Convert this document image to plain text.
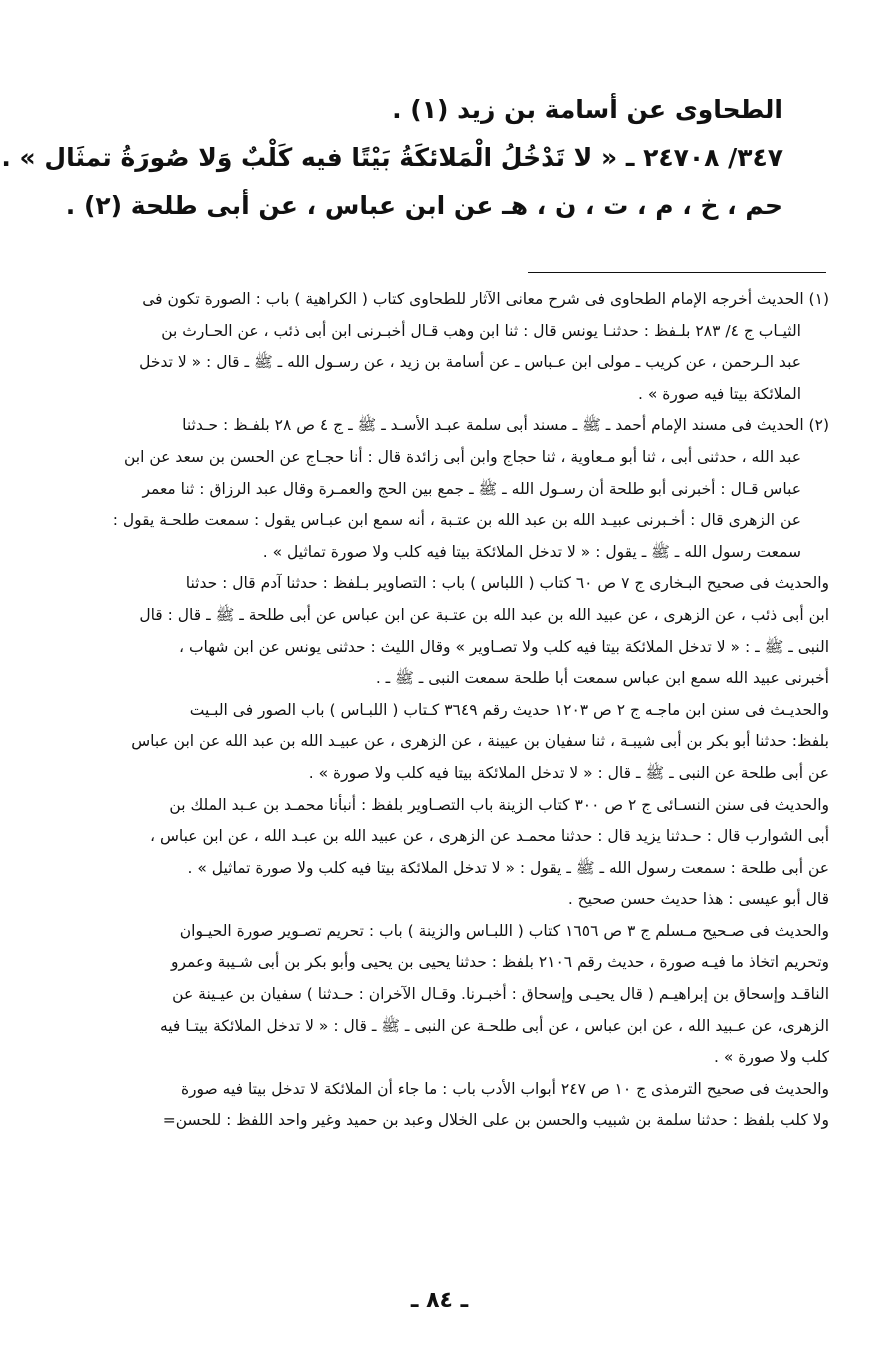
الطحاوى عن أسامة بن زيد (١) .
٣٤٧/ ٢٤٧٠٨ ـ « لا تَدْخُلُ الْمَلائكَةُ بَيْتًا فيه كَلْبٌ وَلا صُورَةُ تمثَال » .
حم ، خ ، م ، ت ، ن ، هـ عن ابن عباس ، عن أبى طلحة (٢) .
(١) الحديث أخرجه الإمام الطحاوى فى شرح معانى الآثار للطحاوى كتاب ( الكراهية ) باب : الصورة تكون فى
الثيـاب ج ٤/ ٢٨٣ بلـفظ : حدثنـا يونس قال : ثنا ابن وهب قـال أخبـرنى ابن أبى ذئب ، عن الحـارث بن
عبد الـرحمن ، عن كريب ـ مولى ابن عـباس ـ عن أسامة بن زيد ، عن رسـول الله ـ ﷺ ـ قال : « لا تدخل
الملائكة بيتا فيه صورة » .
(٢) الحديث فى مسند الإمام أحمد ـ ﷺ ـ مسند أبى سلمة عبـد الأسـد ـ ﷺ ـ ج ٤ ص ٢٨ بلفـظ : حـدثنا
عبد الله ، حدثنى أبى ، ثنا أبو مـعاوية ، ثنا حجاج وابن أبى زائدة قال : أنا حجـاج عن الحسن بن سعد عن ابن
عباس قـال : أخبرنى أبو طلحة أن رسـول الله ـ ﷺ ـ جمع بين الحج والعمـرة وقال عبد الرزاق : ثنا معمر
عن الزهرى قال : أخـبرنى عبيـد الله بن عبد الله بن عتـبة ، أنه سمع ابن عبـاس يقول : سمعت طلحـة يقول :
سمعت رسول الله ـ ﷺ ـ يقول : « لا تدخل الملائكة بيتا فيه كلب ولا صورة تماثيل » .
والحديث فى صحيح البـخارى ج ٧ ص ٦٠ كتاب ( اللباس ) باب : التصاوير بـلفظ : حدثنا آدم قال : حدثنا
ابن أبى ذئب ، عن الزهرى ، عن عبيد الله بن عبد الله بن عتـبة عن ابن عباس عن أبى طلحة ـ ﷺ ـ قال : قال
النبى ـ ﷺ ـ : « لا تدخل الملائكة بيتا فيه كلب ولا تصـاوير » وقال الليث : حدثنى يونس عن ابن شهاب ،
أخبرنى عبيد الله سمع ابن عباس سمعت أبا طلحة سمعت النبى ـ ﷺ ـ .
والحديـث فى سنن ابن ماجـه ج ٢ ص ١٢٠٣ حديث رقم ٣٦٤٩ كـتاب ( اللبـاس ) باب الصور فى البـيت
بلفظ: حدثنا أبو بكر بن أبى شيبـة ، ثنا سفيان بن عيينة ، عن الزهرى ، عن عبيـد الله بن عبد الله عن ابن عباس
عن أبى طلحة عن النبى ـ ﷺ ـ قال : « لا تدخل الملائكة بيتا فيه كلب ولا صورة » .
والحديث فى سنن النسـائى ج ٢ ص ٣٠٠ كتاب الزينة باب التصـاوير بلفظ : أنبأنا محمـد بن عـبد الملك بن
أبى الشوارب قال : حـدثنا يزيد قال : حدثنا محمـد عن الزهرى ، عن عبيد الله بن عبـد الله ، عن ابن عباس ،
عن أبى طلحة : سمعت رسول الله ـ ﷺ ـ يقول : « لا تدخل الملائكة بيتا فيه كلب ولا صورة تماثيل » .
قال أبو عيسى : هذا حديث حسن صحيح .
والحديث فى صـحيح مـسلم ج ٣ ص ١٦٥٦ كتاب ( اللبـاس والزينة ) باب : تحريم تصـوير صورة الحيـوان
وتحريم اتخاذ ما فيـه صورة ، حديث رقم ٢١٠٦ بلفظ : حدثنا يحيى بن يحيى وأبو بكر بن أبى شـيبة وعمرو
الناقـد وإسحاق بن إبراهيـم ( قال يحيـى وإسحاق : أخبـرنا. وقـال الآخران : حـدثنا ) سفيان بن عيـينة عن
الزهرى، عن عـبيد الله ، عن ابن عباس ، عن أبى طلحـة عن النبى ـ ﷺ ـ قال : « لا تدخل الملائكة بيتـا فيه
كلب ولا صورة » .
والحديث فى صحيح الترمذى ج ١٠ ص ٢٤٧ أبواب الأدب باب : ما جاء أن الملائكة لا تدخل بيتا فيه صورة
ولا كلب بلفظ : حدثنا سلمة بن شبيب والحسن بن على الخلال وعبد بن حميد وغير واحد اللفظ : للحسن=
ـ ٨٤ ـ
